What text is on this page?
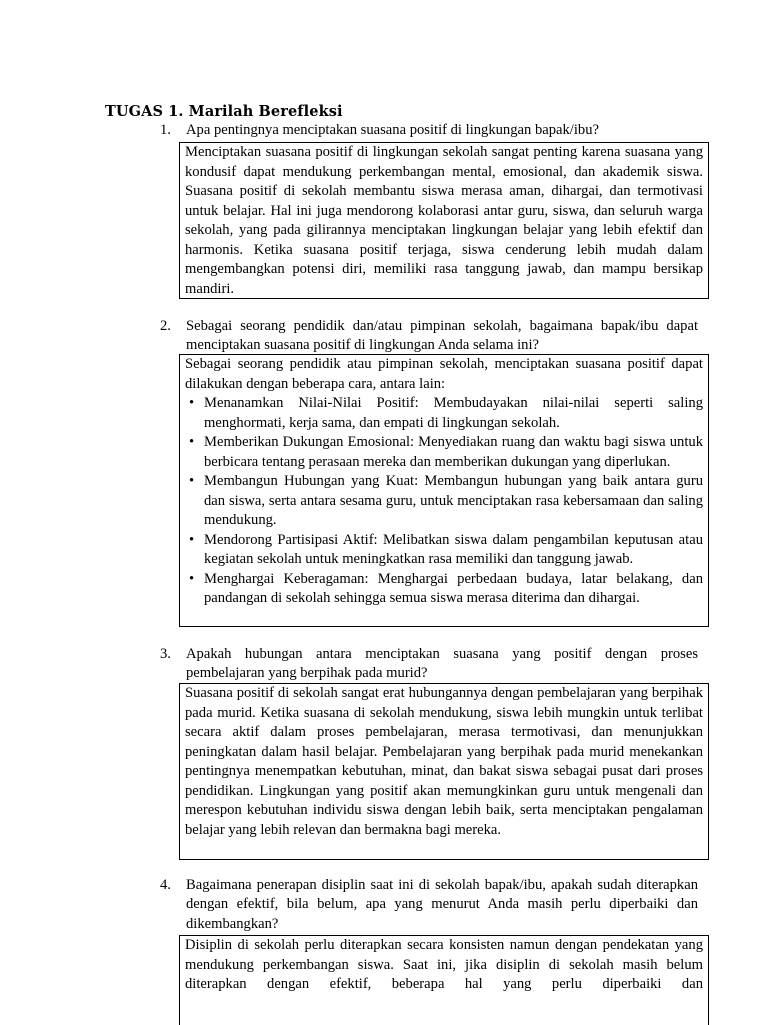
TUGAS 1. Marilah Berefleksi
1.	Apa pentingnya menciptakan suasana positif di lingkungan bapak/ibu?

Menciptakan suasana positif di lingkungan sekolah sangat penting karena suasana yang kondusif dapat mendukung perkembangan mental, emosional, dan akademik siswa. Suasana positif di sekolah membantu siswa merasa aman, dihargai, dan termotivasi untuk belajar. Hal ini juga mendorong kolaborasi antar guru, siswa, dan seluruh warga sekolah, yang pada gilirannya menciptakan lingkungan belajar yang lebih efektif dan harmonis. Ketika suasana positif terjaga, siswa cenderung lebih mudah dalam mengembangkan potensi diri, memiliki rasa tanggung jawab, dan mampu bersikap mandiri.

2.	Sebagai seorang pendidik dan/atau pimpinan sekolah, bagaimana bapak/ibu dapat menciptakan suasana positif di lingkungan Anda selama ini?

Sebagai seorang pendidik atau pimpinan sekolah, menciptakan suasana positif dapat dilakukan dengan beberapa cara, antara lain:

• Menanamkan Nilai-Nilai Positif: Membudayakan nilai-nilai seperti saling menghormati, kerja sama, dan empati di lingkungan sekolah.
• Memberikan Dukungan Emosional: Menyediakan ruang dan waktu bagi siswa untuk berbicara tentang perasaan mereka dan memberikan dukungan yang diperlukan.
• Membangun Hubungan yang Kuat: Membangun hubungan yang baik antara guru dan siswa, serta antara sesama guru, untuk menciptakan rasa kebersamaan dan saling mendukung.
• Mendorong Partisipasi Aktif: Melibatkan siswa dalam pengambilan keputusan atau kegiatan sekolah untuk meningkatkan rasa memiliki dan tanggung jawab.
• Menghargai Keberagaman: Menghargai perbedaan budaya, latar belakang, dan pandangan di sekolah sehingga semua siswa merasa diterima dan dihargai.
3.	Apakah hubungan antara menciptakan suasana yang positif dengan proses pembelajaran yang berpihak pada murid?

Suasana positif di sekolah sangat erat hubungannya dengan pembelajaran yang berpihak pada murid. Ketika suasana di sekolah mendukung, siswa lebih mungkin untuk terlibat secara aktif dalam proses pembelajaran, merasa termotivasi, dan menunjukkan peningkatan dalam hasil belajar. Pembelajaran yang berpihak pada murid menekankan pentingnya menempatkan kebutuhan, minat, dan bakat siswa sebagai pusat dari proses pendidikan. Lingkungan yang positif akan memungkinkan guru untuk mengenali dan merespon kebutuhan individu siswa dengan lebih baik, serta menciptakan pengalaman belajar yang lebih relevan dan bermakna bagi mereka.

4.	Bagaimana penerapan disiplin saat ini di sekolah bapak/ibu, apakah sudah diterapkan dengan efektif, bila belum, apa yang menurut Anda masih perlu diperbaiki dan dikembangkan?

Disiplin di sekolah perlu diterapkan secara konsisten namun dengan pendekatan yang mendukung perkembangan siswa. Saat ini, jika disiplin di sekolah masih belum diterapkan dengan efektif, beberapa hal yang perlu diperbaiki dan
